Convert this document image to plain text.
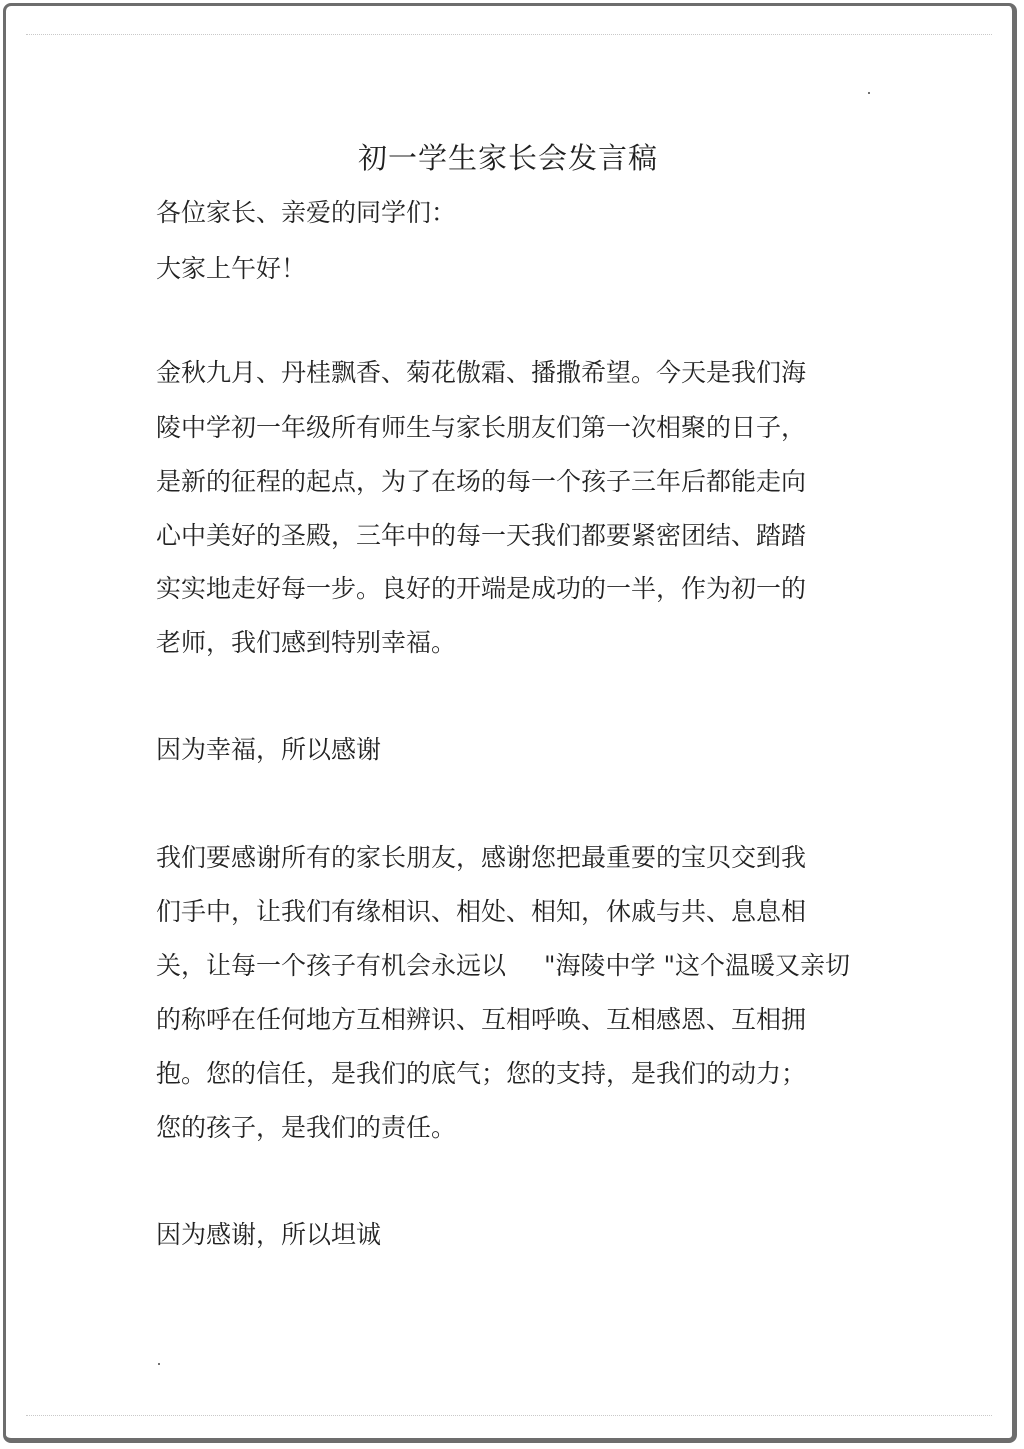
初一学生家长会发言稿
各位家长、亲爱的同学们：
大家上午好！
金秋九月、丹桂飘香、菊花傲霜、播撒希望。今天是我们海
陵中学初一年级所有师生与家长朋友们第一次相聚的日子，
是新的征程的起点，为了在场的每一个孩子三年后都能走向
心中美好的圣殿，三年中的每一天我们都要紧密团结、踏踏
实实地走好每一步。良好的开端是成功的一半，作为初一的
老师，我们感到特别幸福。
因为幸福，所以感谢
我们要感谢所有的家长朋友，感谢您把最重要的宝贝交到我
们手中，让我们有缘相识、相处、相知，休戚与共、息息相
关，让每一个孩子有机会永远以 "海陵中学 "这个温暖又亲切
的称呼在任何地方互相辨识、互相呼唤、互相感恩、互相拥
抱。您的信任，是我们的底气；您的支持，是我们的动力；
您的孩子，是我们的责任。
因为感谢，所以坦诚
